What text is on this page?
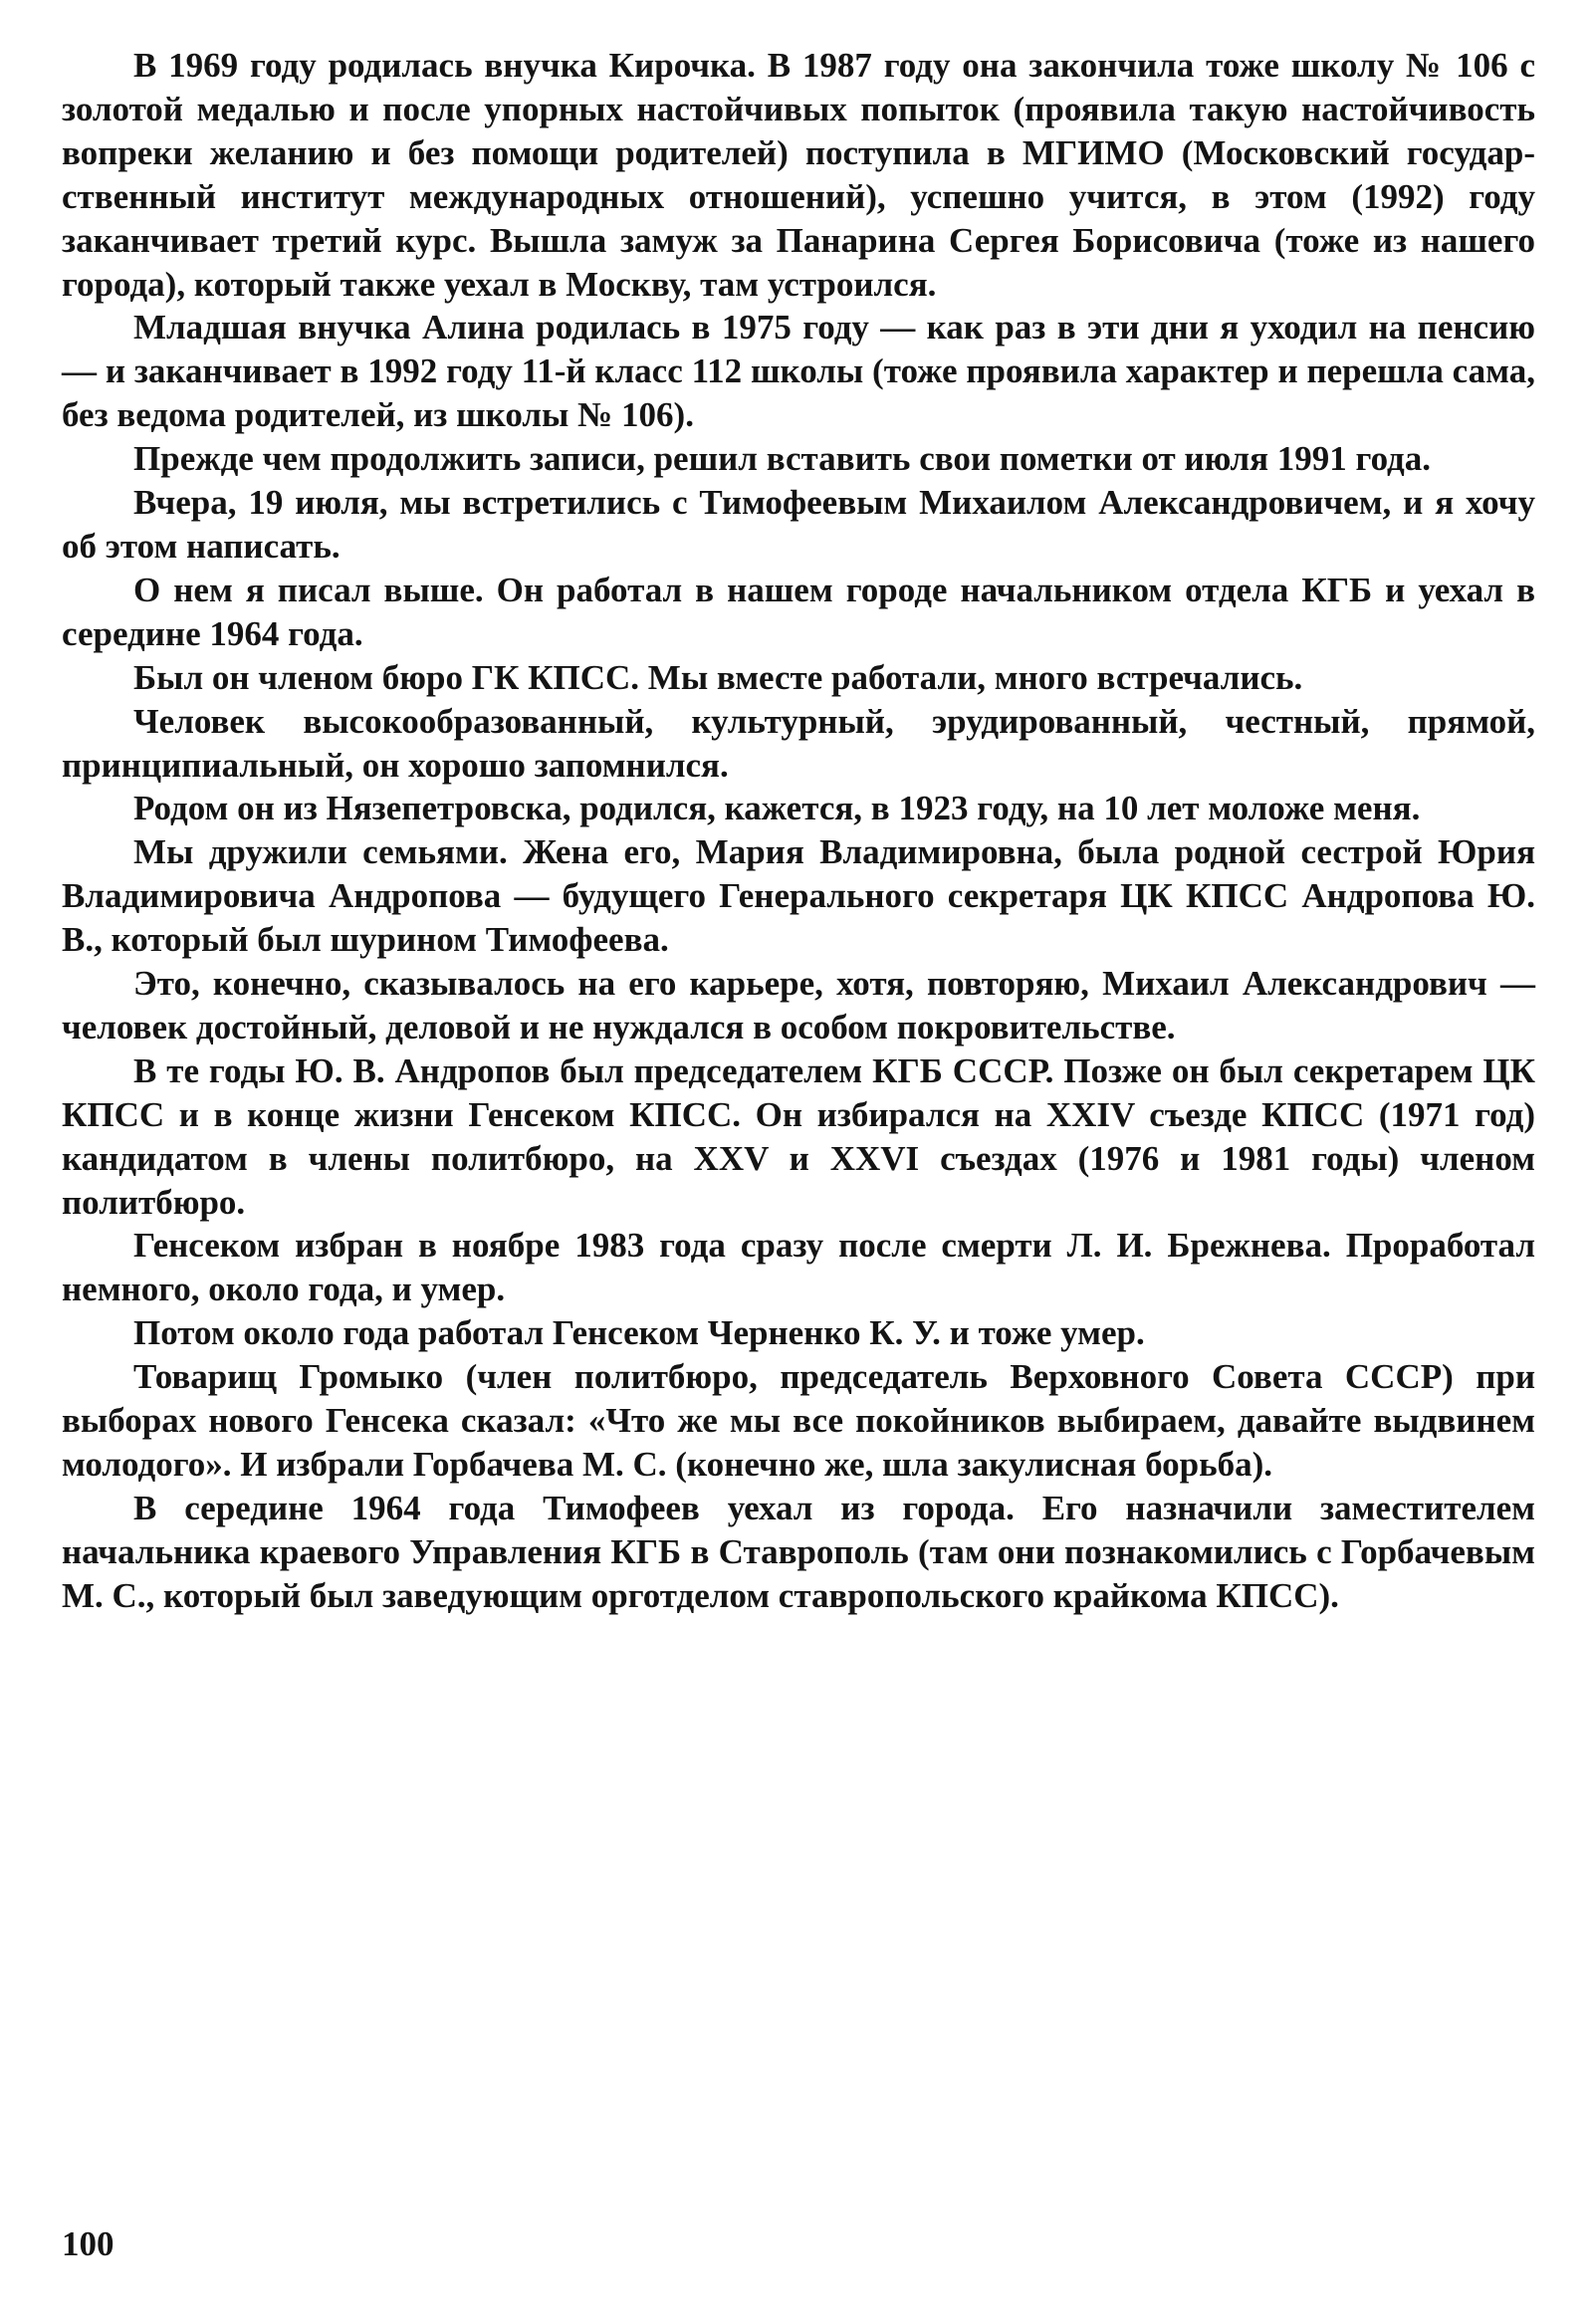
В 1969 году родилась внучка Кирочка. В 1987 году она закончила тоже школу № 106 с золотой медалью и после упорных настойчивых попыток (проявила такую настойчивость вопреки желанию и без помощи родителей) поступила в МГИМО (Московский государственный институт международных отношений), успешно учится, в этом (1992) году заканчивает третий курс. Вышла замуж за Панарина Сергея Борисовича (тоже из нашего города), который также уехал в Москву, там устроился.

Младшая внучка Алина родилась в 1975 году — как раз в эти дни я уходил на пенсию — и заканчивает в 1992 году 11-й класс 112 школы (тоже проявила характер и перешла сама, без ведома родителей, из школы № 106).

Прежде чем продолжить записи, решил вставить свои пометки от июля 1991 года.

Вчера, 19 июля, мы встретились с Тимофеевым Михаилом Александровичем, и я хочу об этом написать.

О нем я писал выше. Он работал в нашем городе начальником отдела КГБ и уехал в середине 1964 года.

Был он членом бюро ГК КПСС. Мы вместе работали, много встречались.

Человек высокообразованный, культурный, эрудированный, честный, прямой, принципиальный, он хорошо запомнился.

Родом он из Нязепетровска, родился, кажется, в 1923 году, на 10 лет моложе меня.

Мы дружили семьями. Жена его, Мария Владимировна, была родной сестрой Юрия Владимировича Андропова — будущего Генерального секретаря ЦК КПСС Андропова Ю. В., который был шурином Тимофеева.

Это, конечно, сказывалось на его карьере, хотя, повторяю, Михаил Александрович — человек достойный, деловой и не нуждался в особом покровительстве.

В те годы Ю. В. Андропов был председателем КГБ СССР. Позже он был секретарем ЦК КПСС и в конце жизни Генсеком КПСС. Он избирался на XXIV съезде КПСС (1971 год) кандидатом в члены политбюро, на XXV и XXVI съездах (1976 и 1981 годы) членом политбюро.

Генсеком избран в ноябре 1983 года сразу после смерти Л. И. Брежнева. Проработал немного, около года, и умер.

Потом около года работал Генсеком Черненко К. У. и тоже умер.

Товарищ Громыко (член политбюро, председатель Верховного Совета СССР) при выборах нового Генсека сказал: «Что же мы все покойников выбираем, давайте выдвинем молодого». И избрали Горбачева М. С. (конечно же, шла закулисная борьба).

В середине 1964 года Тимофеев уехал из города. Его назначили заместителем начальника краевого Управления КГБ в Ставрополь (там они познакомились с Горбачевым М. С., который был заведующим орготделом ставропольского крайкома КПСС).

100
